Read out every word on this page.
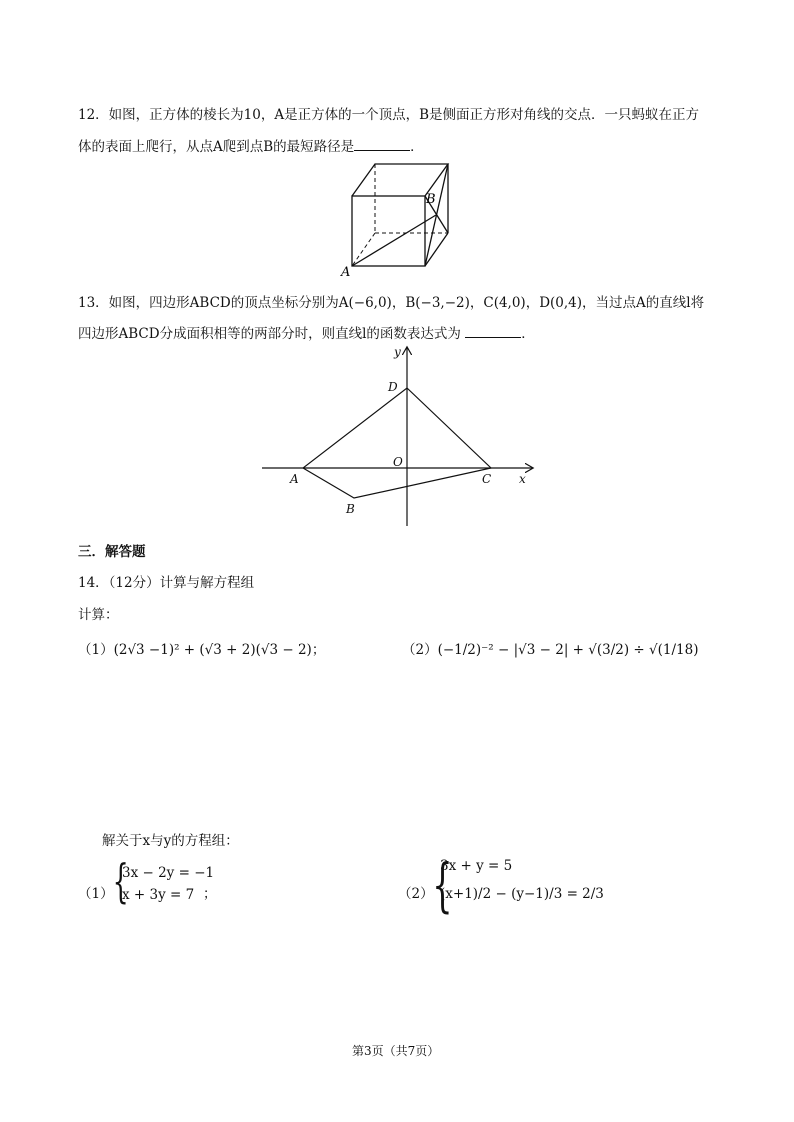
12．如图，正方体的棱长为10，A是正方体的一个顶点，B是侧面正方形对角线的交点．一只蚂蚁在正方
体的表面上爬行，从点A爬到点B的最短路径是	．
A
B
13．如图，四边形ABCD的顶点坐标分别为A(−6,0)，B(−3,−2)，C(4,0)，D(0,4)，当过点A的直线l将
四边形ABCD分成面积相等的两部分时，则直线l的函数表达式为	．
A
B
C
D
O
x
y
三．解答题
14．（12分）计算与解方程组
计算：
（1）(2√3 −1)² + (√3 + 2)(√3 − 2)；	（2）(−1/2)⁻² − |√3 − 2| + √(3/2) ÷ √(1/18)
解关于x与y的方程组：
（1）
{
3x − 2y = −1
x + 3y = 7 ；	（2）
{
3x + y = 5
(x+1)/2 − (y−1)/3 = 2/3
第3页（共7页）
